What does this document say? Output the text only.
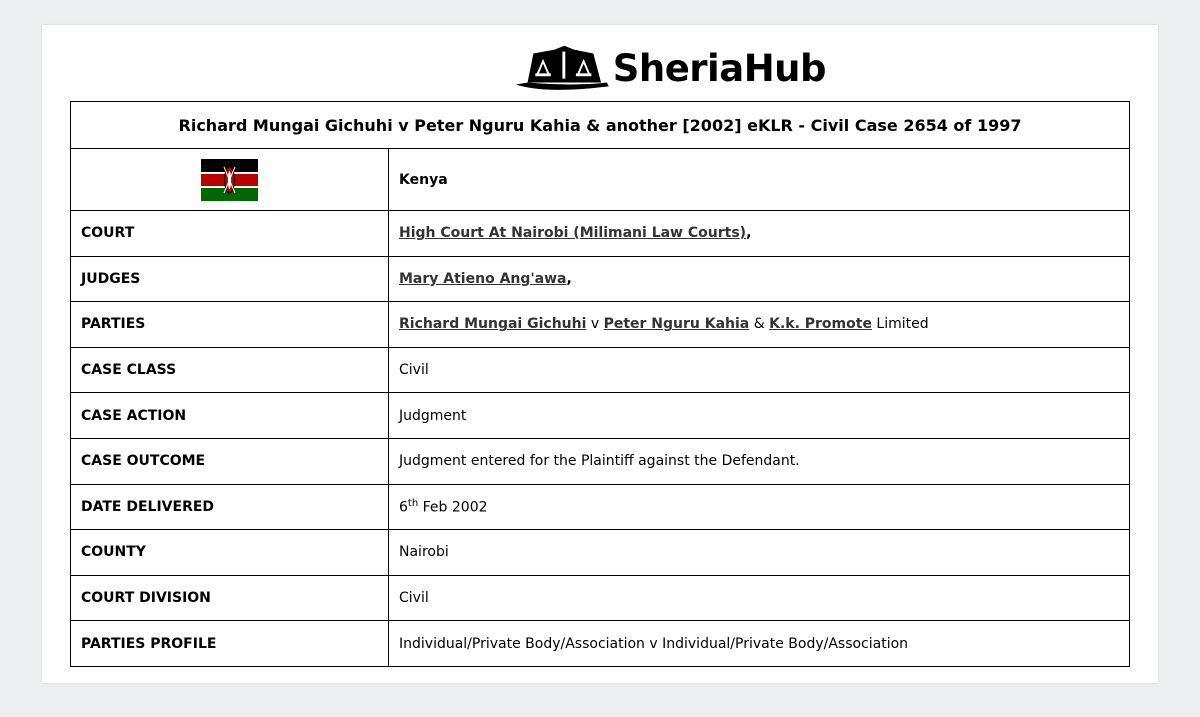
SheriaHub
Richard Mungai Gichuhi v Peter Nguru Kahia & another [2002] eKLR - Civil Case 2654 of 1997	
	Kenya
COURT	High Court At Nairobi (Milimani Law Courts),
JUDGES	Mary Atieno Ang'awa,
PARTIES	Richard Mungai Gichuhi v Peter Nguru Kahia & K.k. Promote Limited
CASE CLASS	Civil
CASE ACTION	Judgment
CASE OUTCOME	Judgment entered for the Plaintiff against the Defendant.
DATE DELIVERED	6th Feb 2002
COUNTY	Nairobi
COURT DIVISION	Civil
PARTIES PROFILE	Individual/Private Body/Association v Individual/Private Body/Association
